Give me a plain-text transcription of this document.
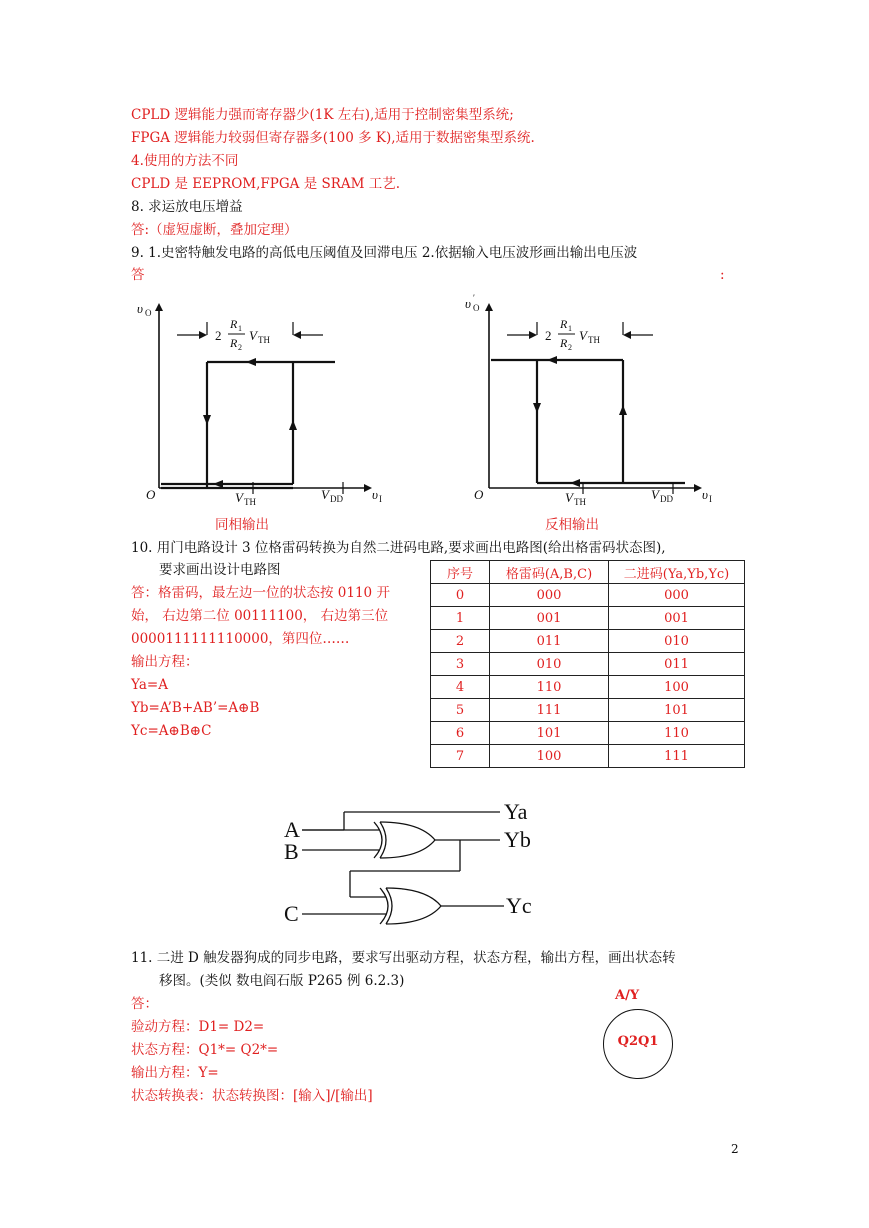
CPLD 逻辑能力强而寄存器少(1K 左右),适用于控制密集型系统;
FPGA 逻辑能力较弱但寄存器多(100 多 K),适用于数据密集型系统.
4.使用的方法不同
CPLD 是 EEPROM,FPGA 是 SRAM 工艺.
8. 求运放电压增益
答:（虚短虚断，叠加定理）
9. 1.史密特触发电路的高低电压阈值及回滞电压 2.依据输入电压波形画出输出电压波
答	:
υ O
O	V TH	V DD υ I
2
R 1
R 2
V TH
υ ′
O
O	V TH	V DD υ I
2
R 1
R 2
V TH
同相输出	反相输出
10. 用门电路设计 3 位格雷码转换为自然二进码电路,要求画出电路图(给出格雷码状态图),
要求画出设计电路图
答：格雷码，最左边一位的状态按 0110 开
始， 右边第二位 00111100， 右边第三位
0000111111110000，第四位……
输出方程：
Ya=A
Yb=A’B+AB’=A⊕B
Yc=A⊕B⊕C
序号	格雷码(A,B,C)	二进码(Ya,Yb,Yc)
0	000	000
1	001	001
2	011	010
3	010	011
4	110	100
5	111	101
6	101	110
7	100	111
A
B
C
Ya
Yb
Yc
11. 二进 D 触发器狗成的同步电路，要求写出驱动方程，状态方程，输出方程，画出状态转
移图。(类似 数电阎石版 P265 例 6.2.3)
答：
验动方程：D1= D2=
状态方程：Q1*= Q2*=
输出方程：Y=
状态转换表：状态转换图：[输入]/[输出]
A/Y
Q2Q1
2
